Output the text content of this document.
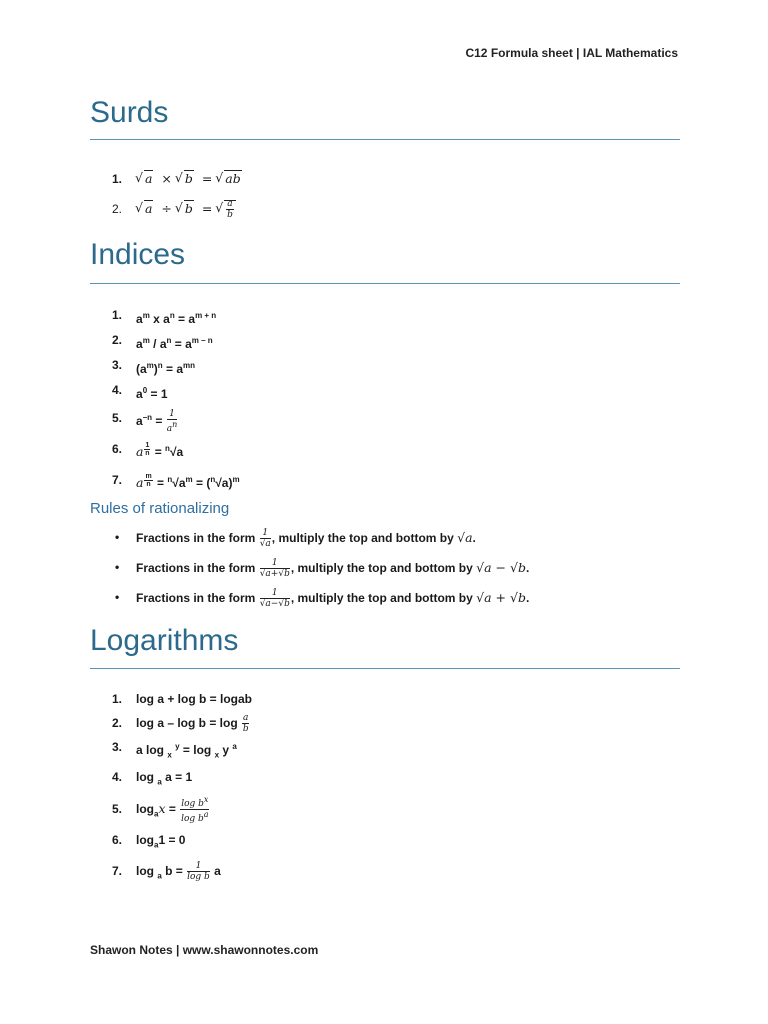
C12 Formula sheet | IAL Mathematics
Surds
1. √ a  × √ b  = √ ab
2. √ a  ÷ √ b  = √ $\frac{a}{b}$
Indices
1. $a^m$ x $a^n = a^{m + n}$
2. $a^m / a^n = a^{m - n}$
3. $(a^m)^n = a^{mn}$
4. $a^0 = 1$
5. $a^{-n} = \frac{1}{a^n}$
6. a $^{\frac{1}{n}}$ = $^n$√a
7. a $^{\frac{m}{n}} = ^n√a^m = (^n√a)^m$
Rules of rationalizing
• Fractions in the form $\frac{1}{√a}$ , multiply the top and bottom by √a.
• Fractions in the form $\frac{1}{√a+√b}$ , multiply the top and bottom by √a − √b.
• Fractions in the form $\frac{1}{√a-√b}$ , multiply the top and bottom by √a + √b.
Logarithms
1. log a + log b = logab
2. $\log a - \log b = \log \frac{a}{b}$
3. a log $_x$ $^y$ = log $_x$ y $^a$
4. log $_a$ a = 1
5. $\log_ax = \frac{\log b^x}{\log b^a}$
6. $\log_a1 = 0$
7. log $_a$ $b = \frac{1}{\text{log b}}$ a
Shawon Notes | www.shawonnotes.com
